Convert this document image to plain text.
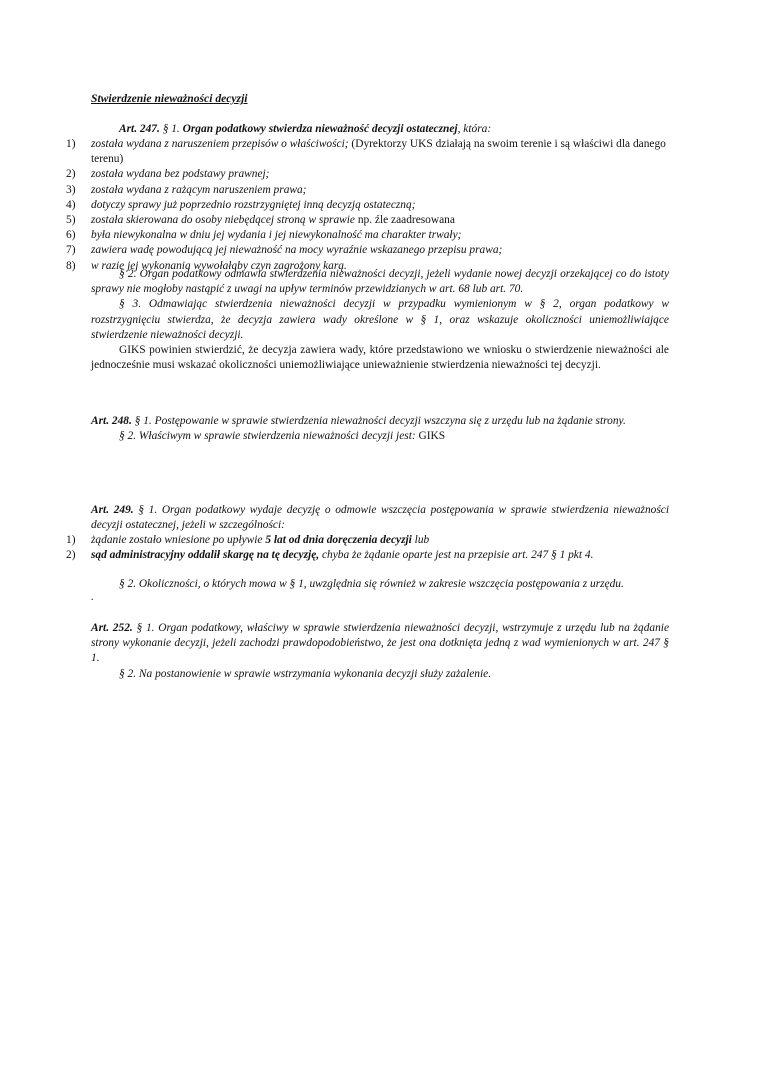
Stwierdzenie nieważności decyzji

Art. 247. § 1. Organ podatkowy stwierdza nieważność decyzji ostatecznej, która:

1)	została wydana z naruszeniem przepisów o właściwości; (Dyrektorzy UKS działają na swoim terenie i są właściwi dla danego terenu)
2)	została wydana bez podstawy prawnej;
3)	została wydana z rażącym naruszeniem prawa;
4)	dotyczy sprawy już poprzednio rozstrzygniętej inną decyzją ostateczną;
5)	została skierowana do osoby niebędącej stroną w sprawie np. źle zaadresowana
6)	była niewykonalna w dniu jej wydania i jej niewykonalność ma charakter trwały;
7)	zawiera wadę powodującą jej nieważność na mocy wyraźnie wskazanego przepisu prawa;
8)	w razie jej wykonania wywołałaby czyn zagrożony karą.

§ 2. Organ podatkowy odmawia stwierdzenia nieważności decyzji, jeżeli wydanie nowej decyzji orzekającej co do istoty sprawy nie mogłoby nastąpić z uwagi na upływ terminów przewidzianych w art. 68 lub art. 70.

§ 3. Odmawiając stwierdzenia nieważności decyzji w przypadku wymienionym w § 2, organ podatkowy w rozstrzygnięciu stwierdza, że decyzja zawiera wady określone w § 1, oraz wskazuje okoliczności uniemożliwiające stwierdzenie nieważności decyzji.

GIKS powinien stwierdzić, że decyzja zawiera wady, które przedstawiono we wniosku o stwierdzenie nieważności ale jednocześnie musi wskazać okoliczności uniemożliwiające unieważnienie stwierdzenia nieważności tej decyzji.

Art. 248. § 1. Postępowanie w sprawie stwierdzenia nieważności decyzji wszczyna się z urzędu lub na żądanie strony.

§ 2. Właściwym w sprawie stwierdzenia nieważności decyzji jest: GIKS

Art. 249. § 1. Organ podatkowy wydaje decyzję o odmowie wszczęcia postępowania w sprawie stwierdzenia nieważności decyzji ostatecznej, jeżeli w szczególności:

1)	żądanie zostało wniesione po upływie 5 lat od dnia doręczenia decyzji lub
2)	sąd administracyjny oddalił skargę na tę decyzję, chyba że żądanie oparte jest na przepisie art. 247 § 1 pkt 4.

§ 2. Okoliczności, o których mowa w § 1, uwzględnia się również w zakresie wszczęcia postępowania z urzędu.

.

Art. 252. § 1. Organ podatkowy, właściwy w sprawie stwierdzenia nieważności decyzji, wstrzymuje z urzędu lub na żądanie strony wykonanie decyzji, jeżeli zachodzi prawdopodobieństwo, że jest ona dotknięta jedną z wad wymienionych w art. 247 § 1.

§ 2. Na postanowienie w sprawie wstrzymania wykonania decyzji służy zażalenie.
